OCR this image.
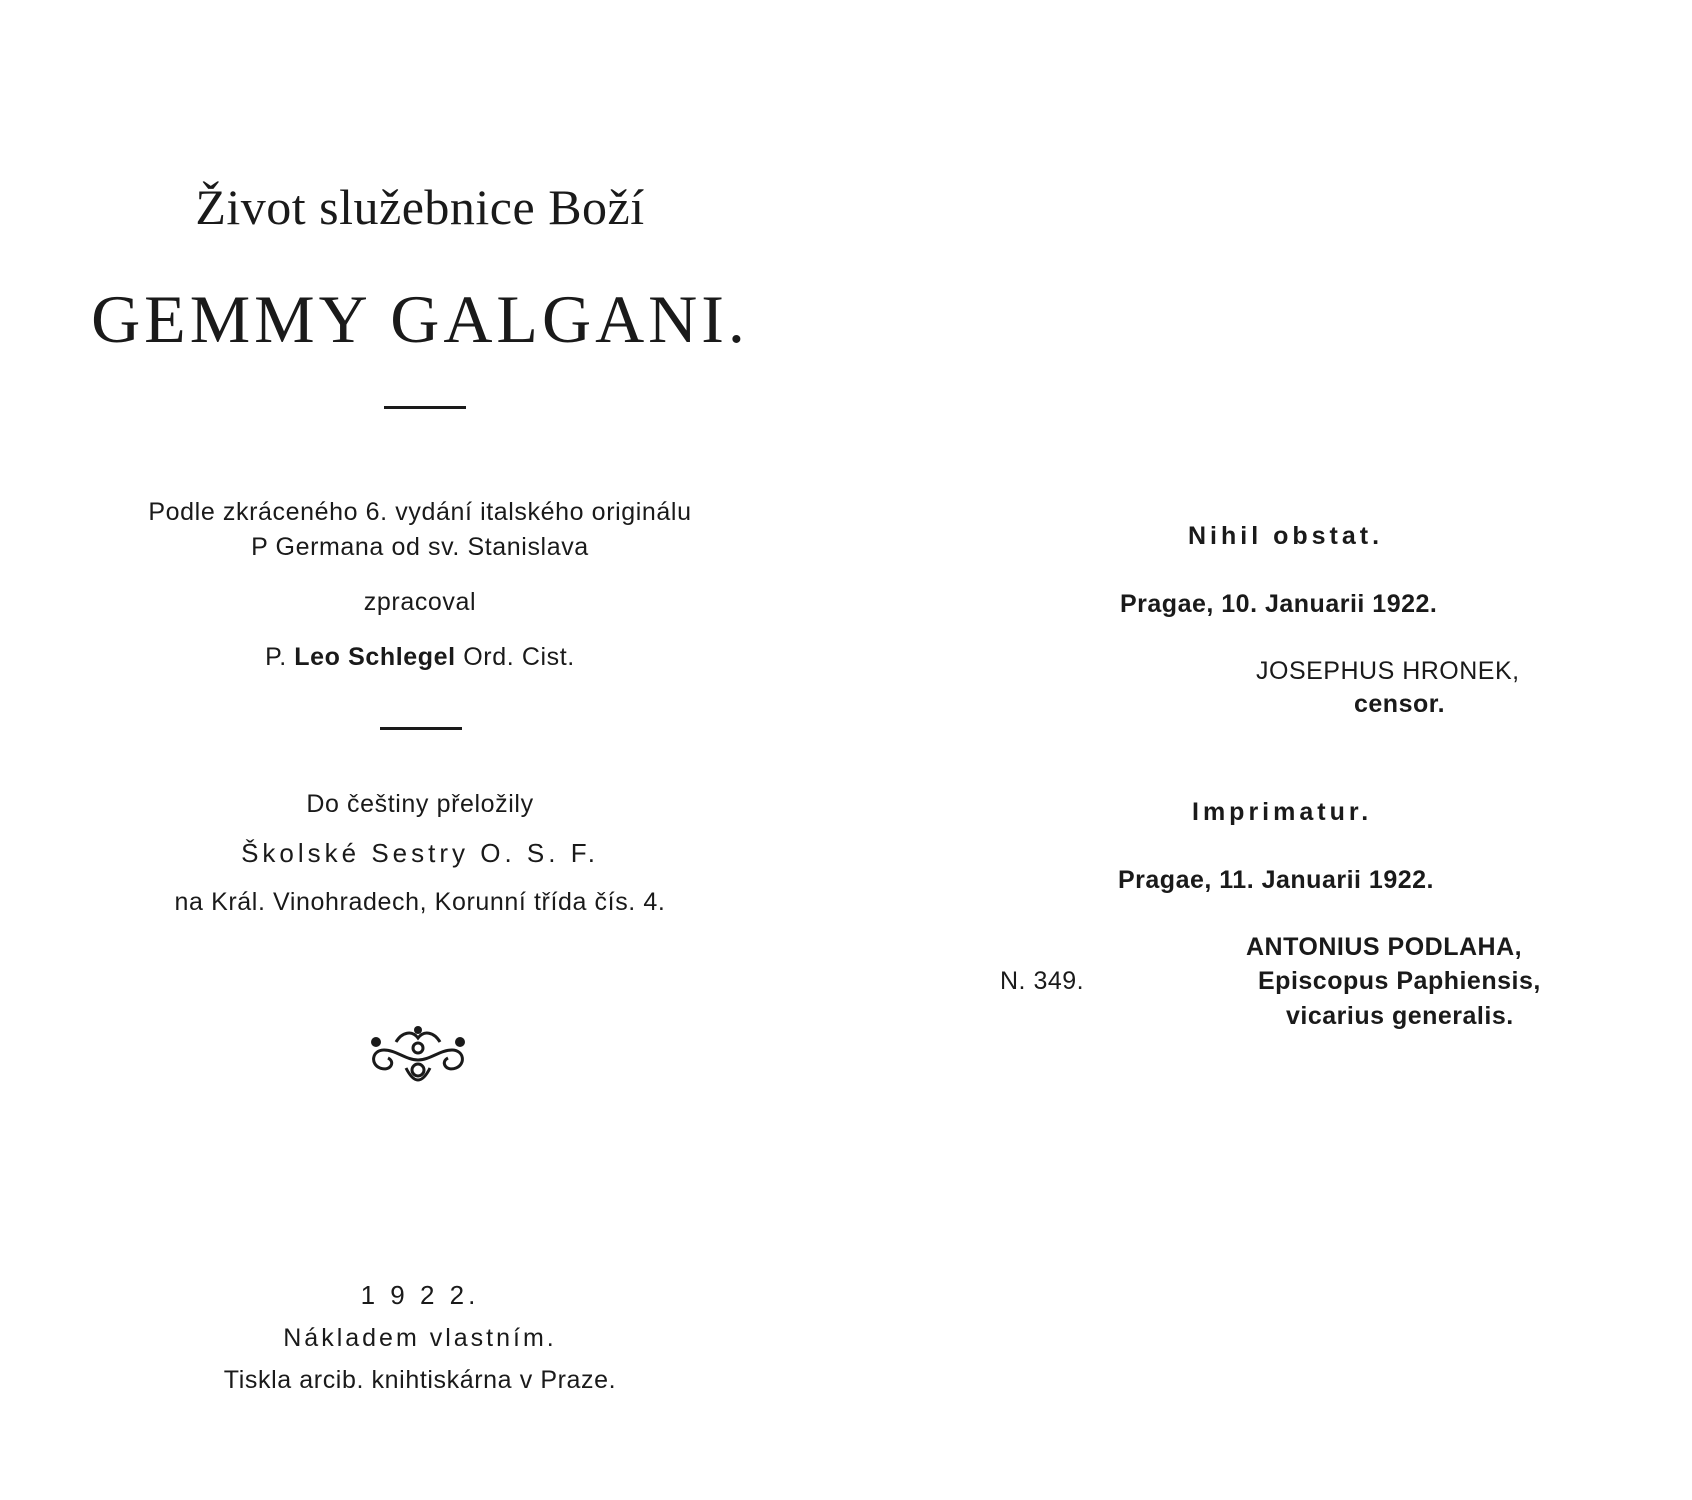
Život služebnice Boží
GEMMY GALGANI.
Podle zkráceného 6. vydání italského originálu
P Germana od sv. Stanislava
zpracoval
P. Leo Schlegel Ord. Cist.
Do češtiny přeložily
Školské Sestry O. S. F.
na Král. Vinohradech, Korunní třída čís. 4.
1 9 2 2.
Nákladem vlastním.
Tiskla arcib. knihtiskárna v Praze.
Nihil obstat.
Pragae, 10. Januarii 1922.
JOSEPHUS HRONEK,
censor.
Imprimatur.
Pragae, 11. Januarii 1922.
ANTONIUS PODLAHA,
N. 349.	Episcopus Paphiensis,
vicarius generalis.
